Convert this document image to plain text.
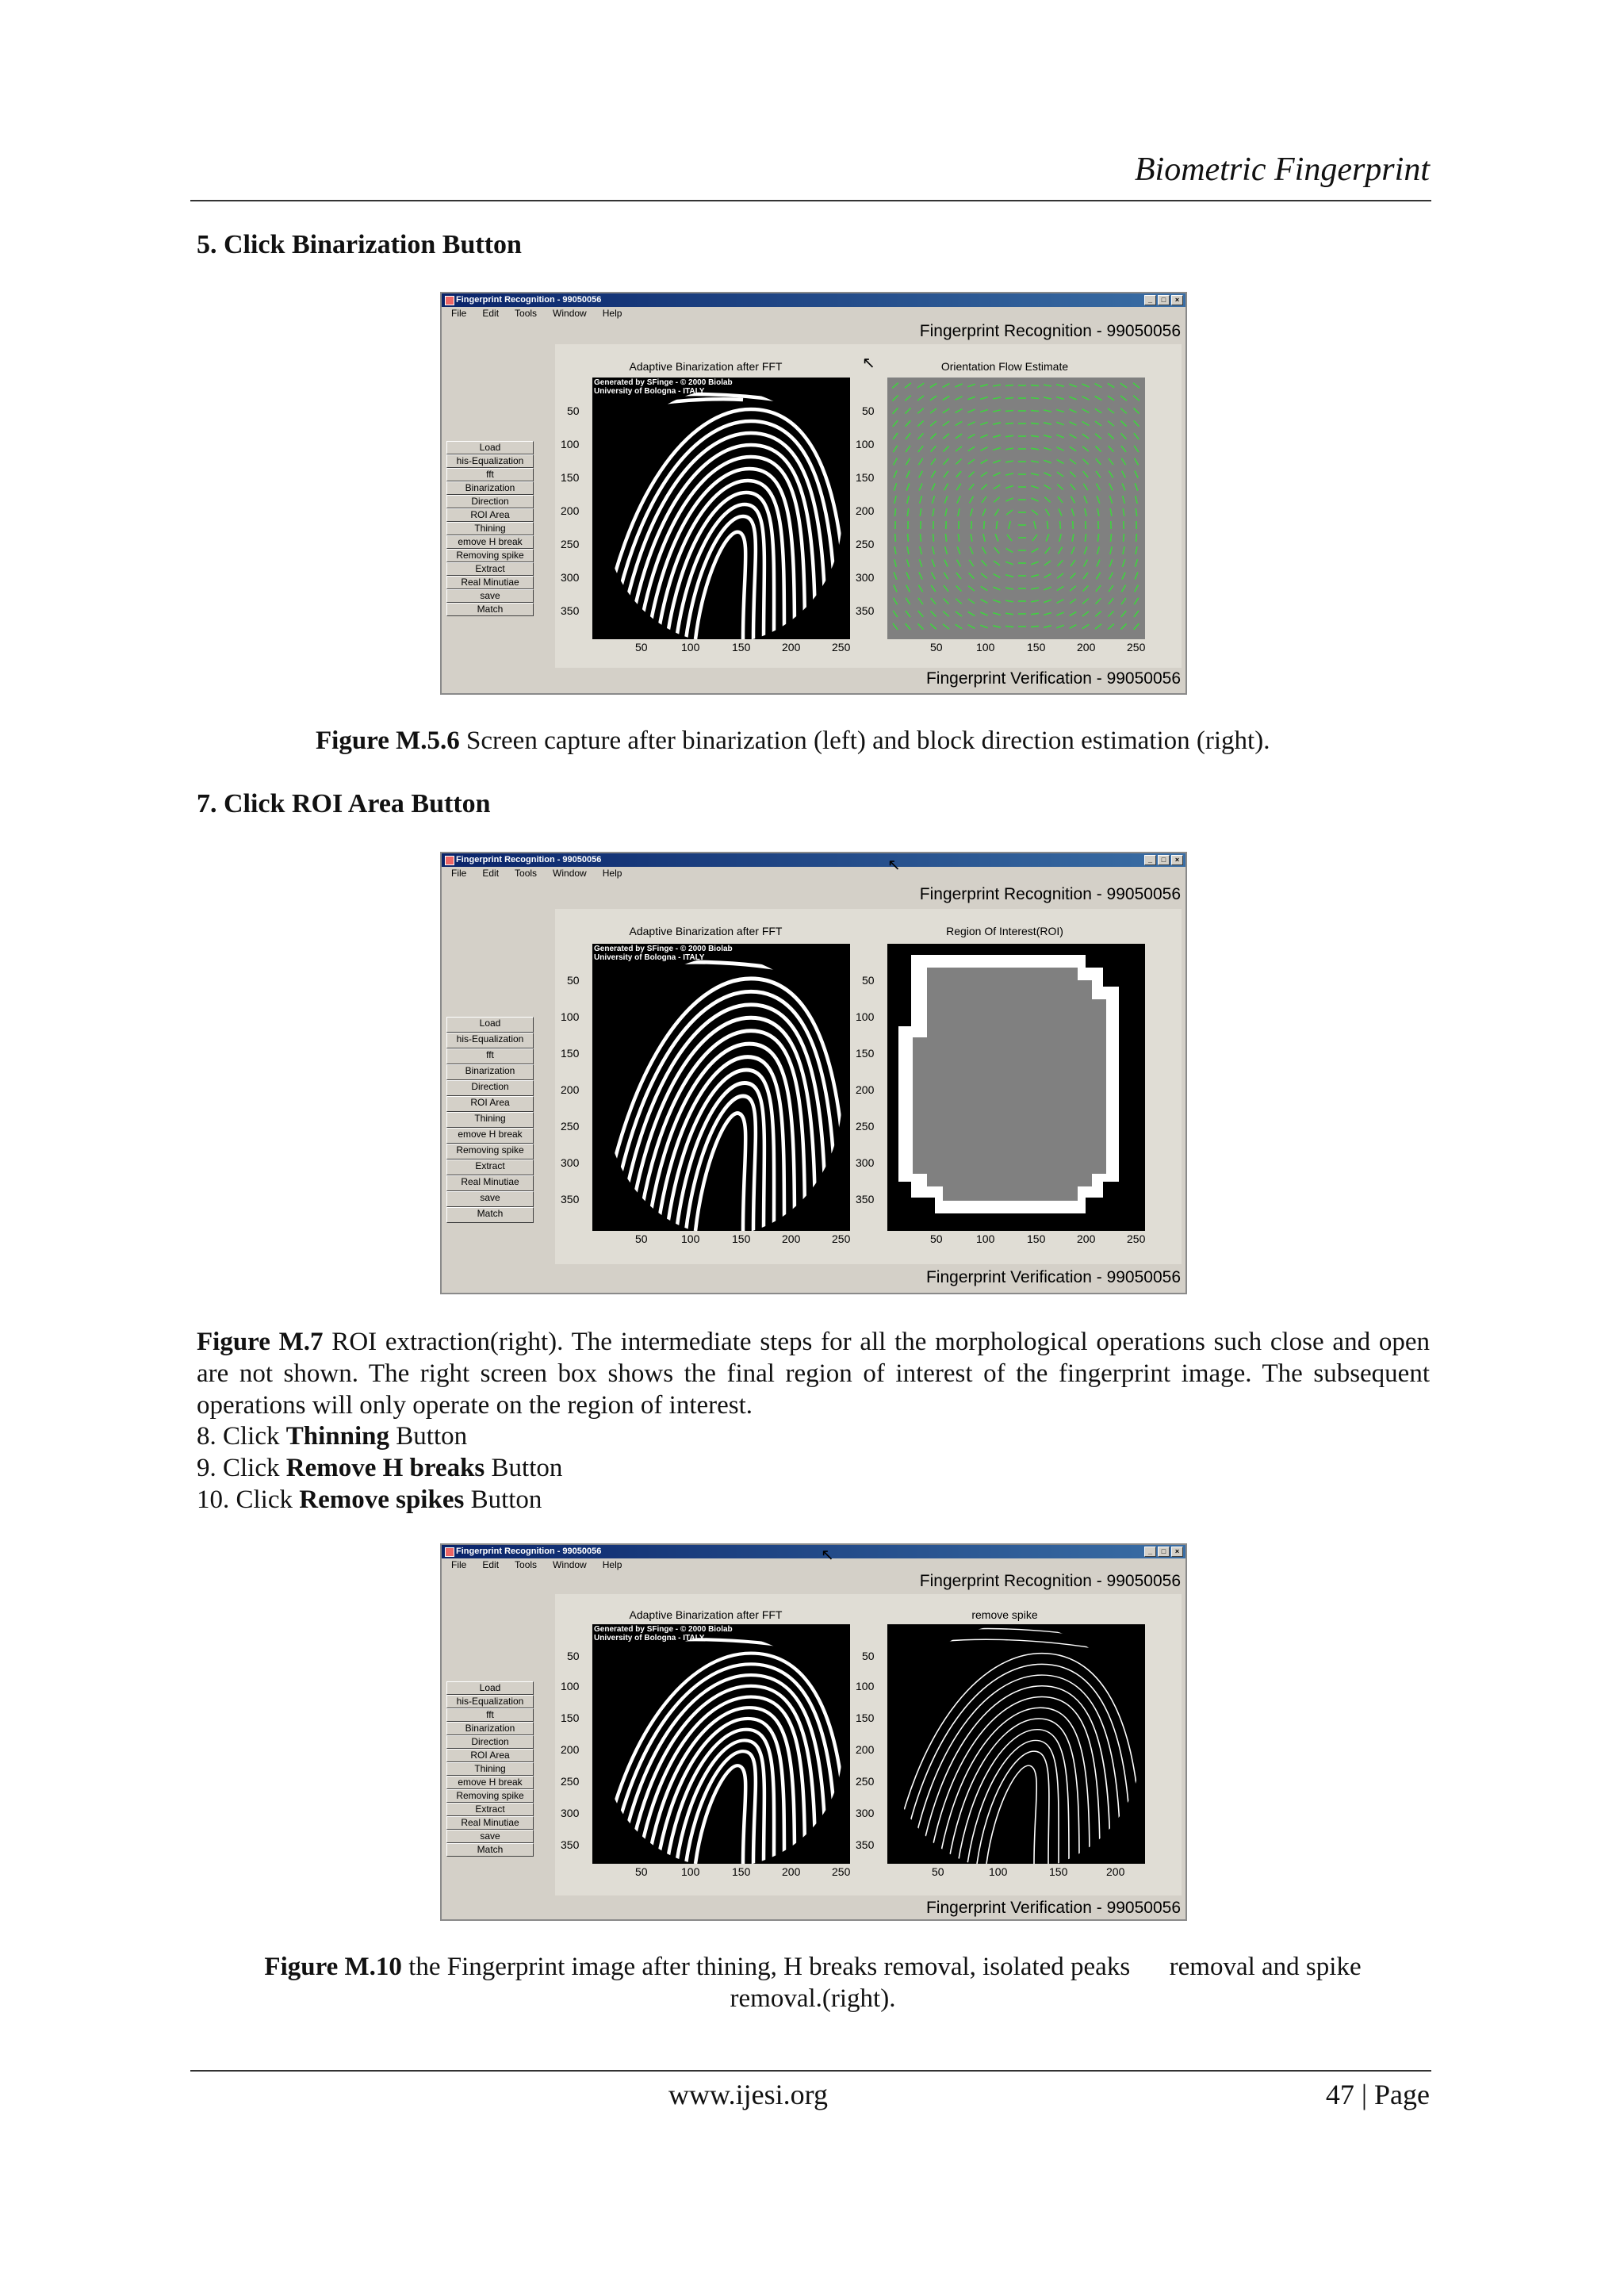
Biometric Fingerprint
5. Click Binarization Button
Fingerprint Recognition - 99050056	_	□	×
File Edit Tools Window Help
Fingerprint Recognition - 99050056
Load
his-Equalization
fft
Binarization
Direction
ROI Area
Thining
emove H break
Removing spike
Extract
Real Minutiae
save
Match
Adaptive Binarization after FFT	Orientation Flow Estimate
↖
Generated by SFinge - © 2000 Biolab
University of Bologna - ITALY
50
100
150
200
250
300
350
50	100	150	200	250
50
100
150
200
250
300
350
50	100	150	200	250
Fingerprint Verification - 99050056
Figure M.5.6 Screen capture after binarization (left) and block direction estimation (right).
7. Click ROI Area Button
Fingerprint Recognition - 99050056	_	□	×
File Edit Tools Window Help
Fingerprint Recognition - 99050056
↖
Load
his-Equalization
fft
Binarization
Direction
ROI Area
Thining
emove H break
Removing spike
Extract
Real Minutiae
save
Match
Adaptive Binarization after FFT	Region Of Interest(ROI)
Generated by SFinge - © 2000 Biolab
University of Bologna - ITALY
50
100
150
200
250
300
350
50	100	150	200	250
50
100
150
200
250
300
350
50	100	150	200	250
Fingerprint Verification - 99050056
Figure M.7 ROI extraction(right). The intermediate steps for all the morphological operations such close and open are not shown. The right screen box shows the final region of interest of the fingerprint image. The subsequent operations will only operate on the region of interest.
8. Click Thinning Button
9. Click Remove H breaks Button
10. Click Remove spikes Button
Fingerprint Recognition - 99050056	_	□	×
File Edit Tools Window Help
Fingerprint Recognition - 99050056
↖
Load
his-Equalization
fft
Binarization
Direction
ROI Area
Thining
emove H break
Removing spike
Extract
Real Minutiae
save
Match
Adaptive Binarization after FFT	remove spike
Generated by SFinge - © 2000 Biolab
University of Bologna - ITALY
50
100
150
200
250
300
350
50	100	150	200	250
50
100
150
200
250
300
350
50	100	150	200
Fingerprint Verification - 99050056
Figure M.10 the Fingerprint image after thining, H breaks removal, isolated peaks      removal and spike
removal.(right).
www.ijesi.org	47 | Page
